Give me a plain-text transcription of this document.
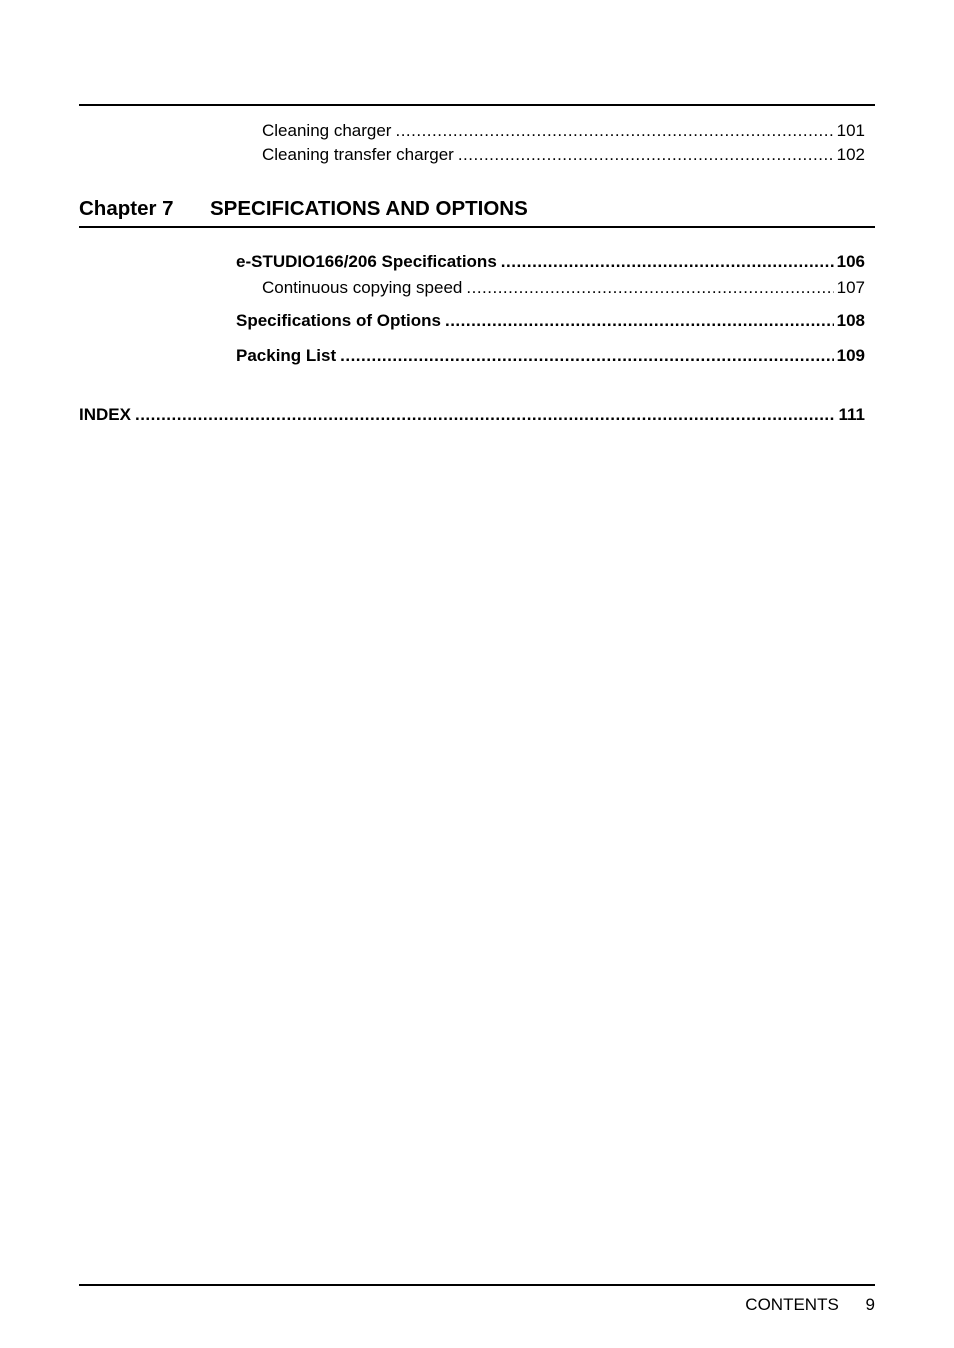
Cleaning charger .....	101
Cleaning transfer charger .....	102
Chapter 7 SPECIFICATIONS AND OPTIONS
e-STUDIO166/206 Specifications .....	106
Continuous copying speed .....	107
Specifications of Options .....	108
Packing List .....	109
INDEX .....	111
CONTENTS 9
